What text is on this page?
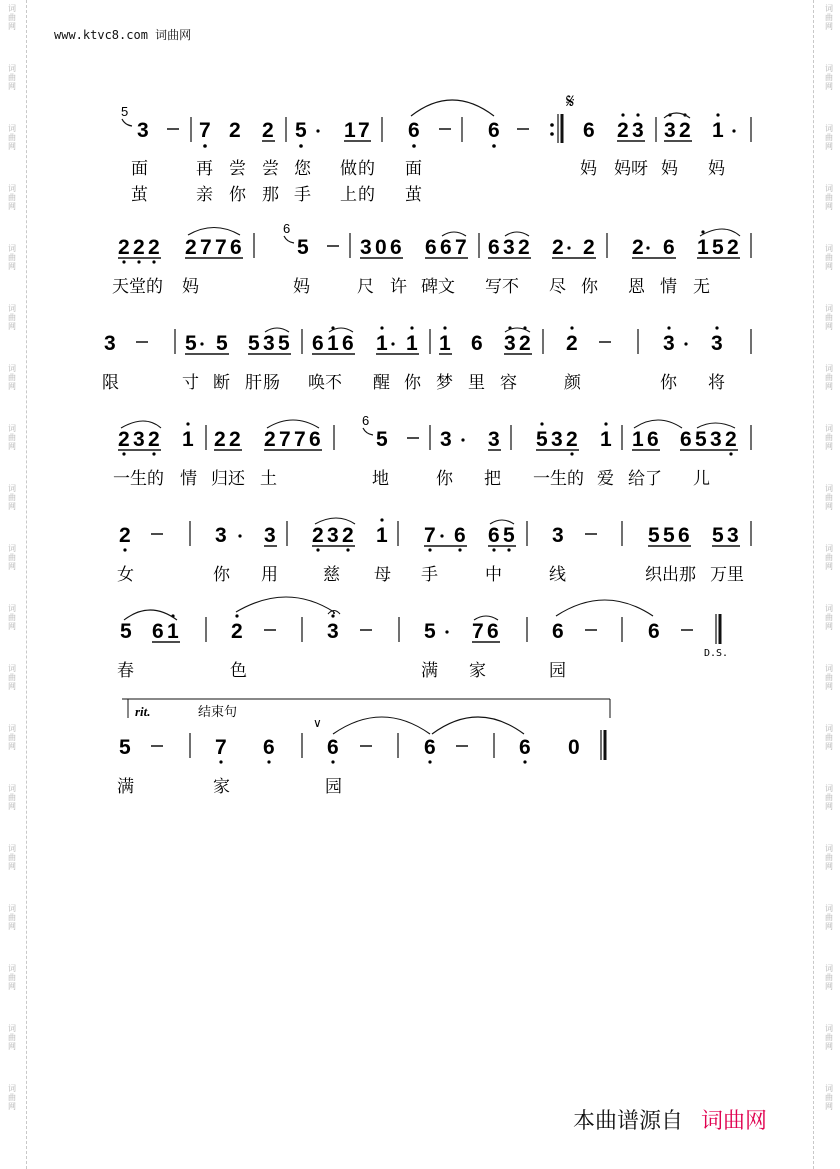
词
曲
网
词
曲
网
词
曲
网
词
曲
网
词
曲
网
词
曲
网
词
曲
网
词
曲
网
词
曲
网
词
曲
网
词
曲
网
词
曲
网
词
曲
网
词
曲
网
词
曲
网
词
曲
网
词
曲
网
词
曲
网
词
曲
网
词
曲
网
词
曲
网
词
曲
网
词
曲
网
词
曲
网
词
曲
网
词
曲
网
词
曲
网
词
曲
网
词
曲
网
词
曲
网
词
曲
网
词
曲
网
词
曲
网
词
曲
网
词
曲
网
词
曲
网
词
曲
网
词
曲
网
www.ktvc8.com 词曲网
5
3 7 2 2 5 1 7 6	6
𝄋
6 2 3 3 2 1
面	再 尝 尝 您 做 的 面	妈 妈 呀 妈 妈
茧	亲 你 那 手 上 的 茧
2 2 2 2 7 7 6
6
5 3 0 6 6 6 7 6 3 2 2 2 2 6 1 5 2
天 堂 的 妈	妈	尺 许 碑 文 写 不 尽 你 恩 情 无
3	5 5 5 3 5 6 1 6 1 1 1 6 3 2 2	3 3
限	寸 断 肝 肠 唤 不 醒 你 梦 里 容	颜	你 将
2 3 2 1 2 2 2 7 7 6
6
5 3 3 5 3 2 1 1 6 6 5 3 2
一 生 的 情 归 还 土	地	你 把 一 生 的 爱 给 了 儿
2	3 3 2 3 2 1 7 6 6 5 3	5 5 6 5 3
女	你 用	慈 母 手	中	线	织 出 那 万 里
5 6 1 2	3	5 7 6	6	6
D.S.
春	色	满 家	园
rit.	结束句
5	7 6
∨
6	6	6 0
满	家	园
本曲谱源自 词曲网
